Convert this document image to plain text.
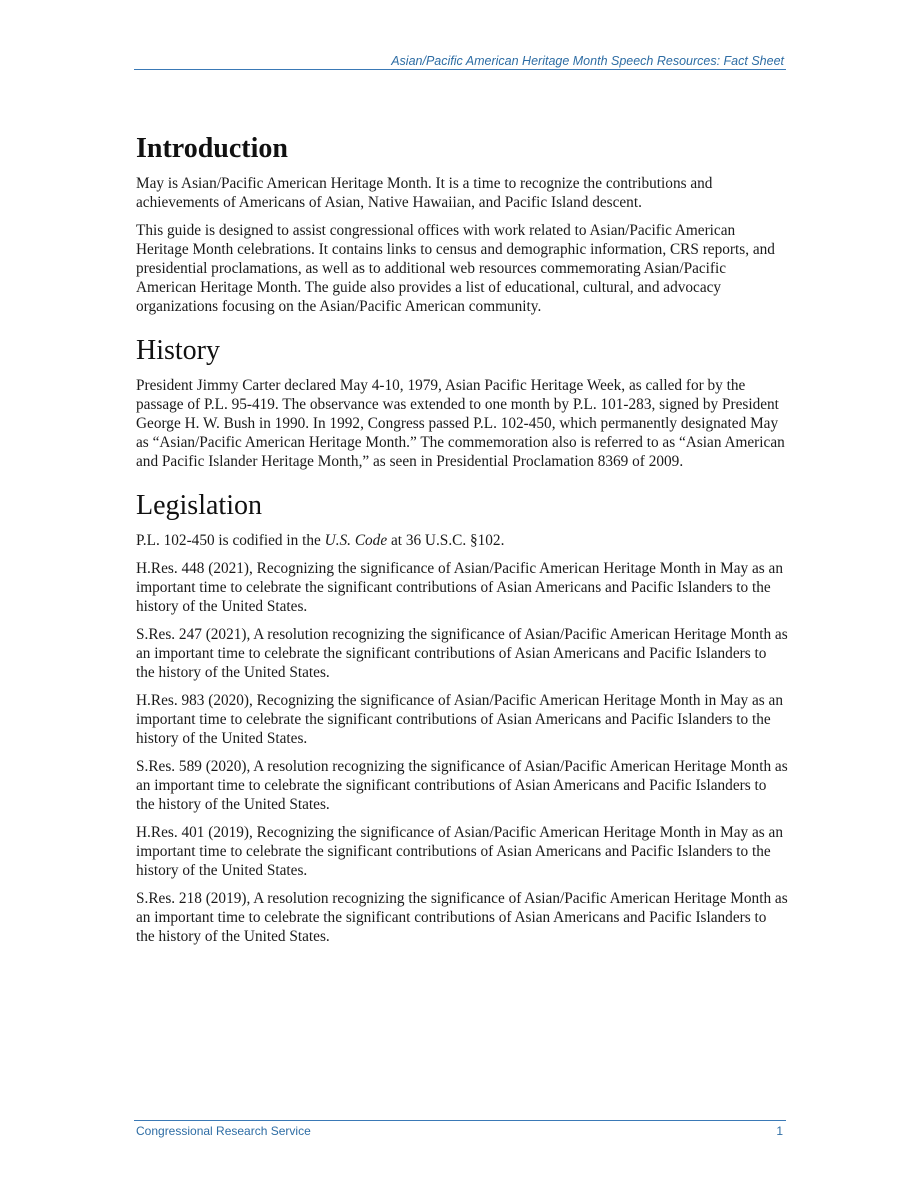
Asian/Pacific American Heritage Month Speech Resources: Fact Sheet
Introduction

May is Asian/Pacific American Heritage Month. It is a time to recognize the contributions and achievements of Americans of Asian, Native Hawaiian, and Pacific Island descent.

This guide is designed to assist congressional offices with work related to Asian/Pacific American Heritage Month celebrations. It contains links to census and demographic information, CRS reports, and presidential proclamations, as well as to additional web resources commemorating Asian/Pacific American Heritage Month. The guide also provides a list of educational, cultural, and advocacy organizations focusing on the Asian/Pacific American community.

History

President Jimmy Carter declared May 4-10, 1979, Asian Pacific Heritage Week, as called for by the passage of P.L. 95-419. The observance was extended to one month by P.L. 101-283, signed by President George H. W. Bush in 1990. In 1992, Congress passed P.L. 102-450, which permanently designated May as “Asian/Pacific American Heritage Month.” The commemoration also is referred to as “Asian American and Pacific Islander Heritage Month,” as seen in Presidential Proclamation 8369 of 2009.

Legislation

P.L. 102-450 is codified in the U.S. Code at 36 U.S.C. §102.

H.Res. 448 (2021), Recognizing the significance of Asian/Pacific American Heritage Month in May as an important time to celebrate the significant contributions of Asian Americans and Pacific Islanders to the history of the United States.

S.Res. 247 (2021), A resolution recognizing the significance of Asian/Pacific American Heritage Month as an important time to celebrate the significant contributions of Asian Americans and Pacific Islanders to the history of the United States.

H.Res. 983 (2020), Recognizing the significance of Asian/Pacific American Heritage Month in May as an important time to celebrate the significant contributions of Asian Americans and Pacific Islanders to the history of the United States.

S.Res. 589 (2020), A resolution recognizing the significance of Asian/Pacific American Heritage Month as an important time to celebrate the significant contributions of Asian Americans and Pacific Islanders to the history of the United States.

H.Res. 401 (2019), Recognizing the significance of Asian/Pacific American Heritage Month in May as an important time to celebrate the significant contributions of Asian Americans and Pacific Islanders to the history of the United States.

S.Res. 218 (2019), A resolution recognizing the significance of Asian/Pacific American Heritage Month as an important time to celebrate the significant contributions of Asian Americans and Pacific Islanders to the history of the United States.

Congressional Research Service	1
